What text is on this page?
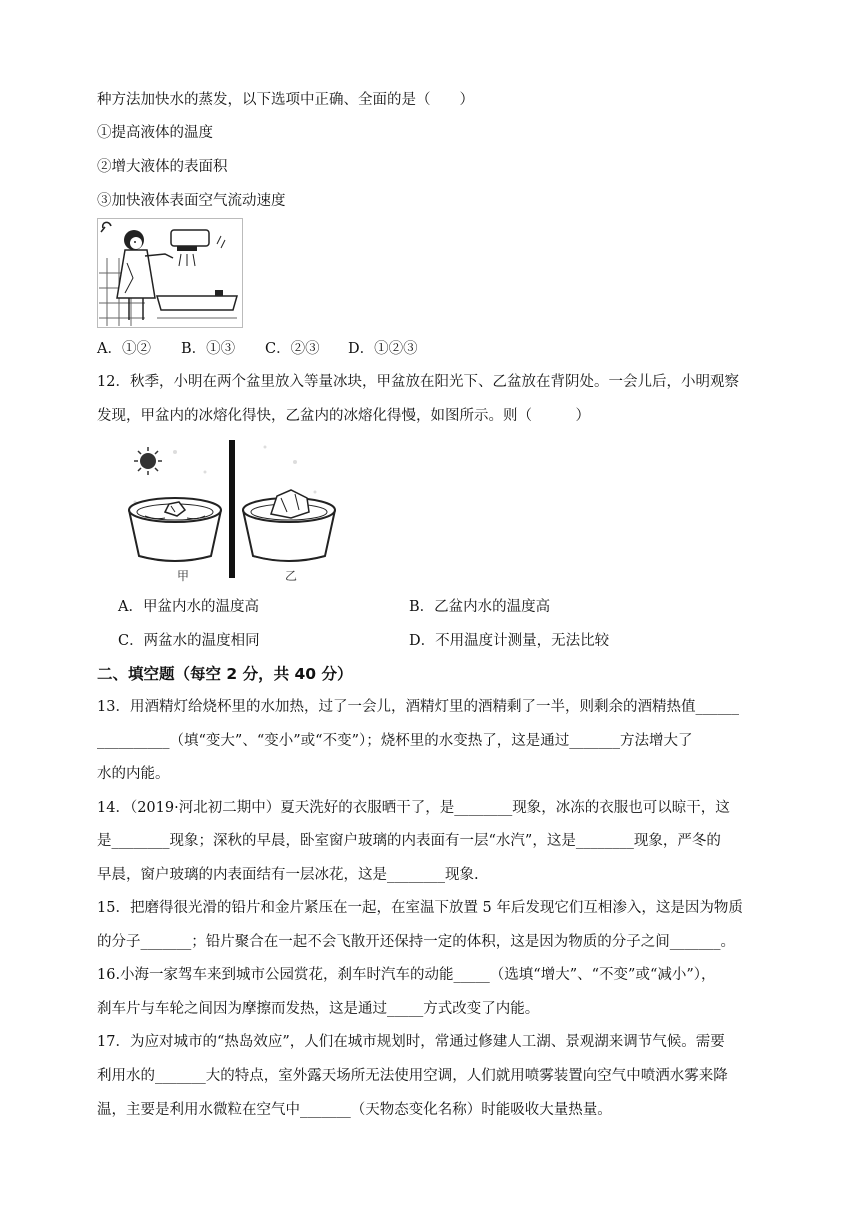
种方法加快水的蒸发，以下选项中正确、全面的是（　　）
①提高液体的温度
②增大液体的表面积
③加快液体表面空气流动速度
A．①② B．①③ C．②③ D．①②③
12．秋季，小明在两个盆里放入等量冰块，甲盆放在阳光下、乙盆放在背阴处。一会儿后，小明观察
发现，甲盆内的冰熔化得快，乙盆内的冰熔化得慢，如图所示。则（　　　）
甲	乙
A．甲盆内水的温度高	B．乙盆内水的温度高
C．两盆水的温度相同	D．不用温度计测量，无法比较
二、填空题（每空 2 分，共 40 分）
13．用酒精灯给烧杯里的水加热，过了一会儿，酒精灯里的酒精剩了一半，则剩余的酒精热值______
__________（填“变大”、“变小”或“不变”）；烧杯里的水变热了，这是通过_______方法增大了
水的内能。
14．（2019·河北初二期中）夏天洗好的衣服晒干了，是________现象，冰冻的衣服也可以晾干，这
是________现象；深秋的早晨，卧室窗户玻璃的内表面有一层“水汽”，这是________现象，严冬的
早晨，窗户玻璃的内表面结有一层冰花，这是________现象.
15．把磨得很光滑的铅片和金片紧压在一起，在室温下放置 5 年后发现它们互相渗入，这是因为物质
的分子_______；铅片聚合在一起不会飞散开还保持一定的体积，这是因为物质的分子之间_______。
16.小海一家驾车来到城市公园赏花，刹车时汽车的动能_____（选填“增大”、“不变”或“减小”），
刹车片与车轮之间因为摩擦而发热，这是通过_____方式改变了内能。
17．为应对城市的“热岛效应”，人们在城市规划时，常通过修建人工湖、景观湖来调节气候。需要
利用水的_______大的特点，室外露天场所无法使用空调，人们就用喷雾装置向空气中喷洒水雾来降
温，主要是利用水微粒在空气中_______（天物态变化名称）时能吸收大量热量。
